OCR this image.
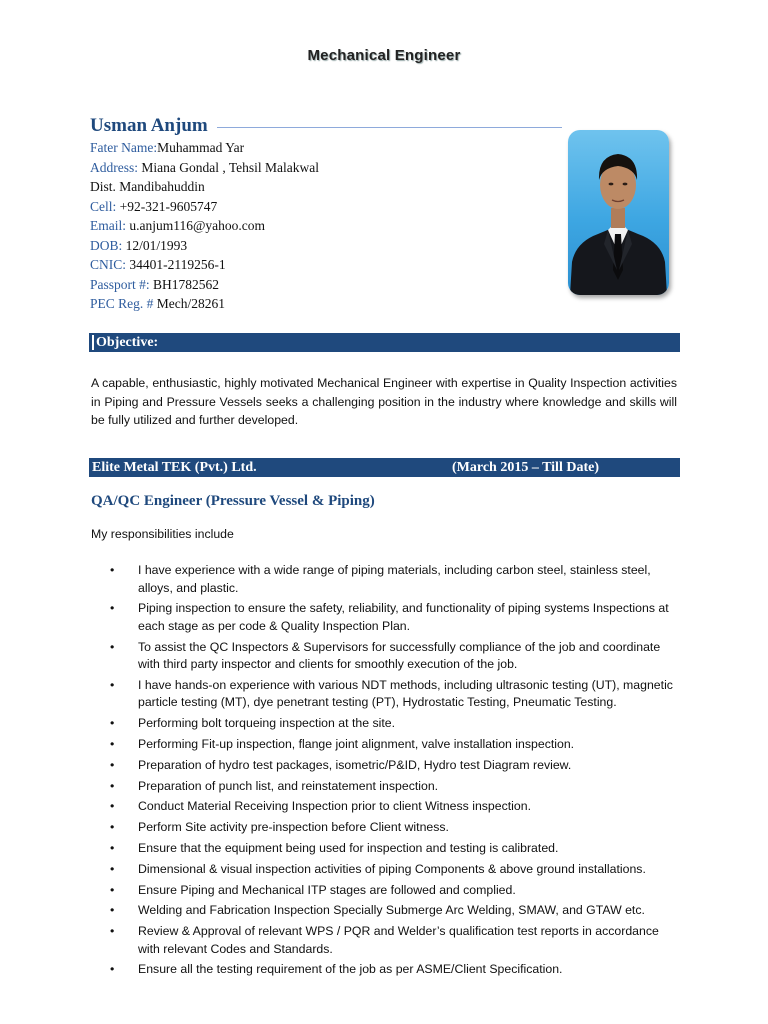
Mechanical Engineer
Usman Anjum
Fater Name:Muhammad Yar
Address: Miana Gondal , Tehsil Malakwal
Dist. Mandibahuddin
Cell: +92-321-9605747
Email: u.anjum116@yahoo.com
DOB: 12/01/1993
CNIC: 34401-2119256-1
Passport #: BH1782562
PEC Reg. # Mech/28261
Objective:
A capable, enthusiastic, highly motivated Mechanical Engineer with expertise in Quality Inspection activities in Piping and Pressure Vessels seeks a challenging position in the industry where knowledge and skills will be fully utilized and further developed.
Elite Metal TEK (Pvt.) Ltd.	(March 2015 – Till Date)
QA/QC Engineer (Pressure Vessel & Piping)
My responsibilities include
• I have experience with a wide range of piping materials, including carbon steel, stainless steel, alloys, and plastic.
• Piping inspection to ensure the safety, reliability, and functionality of piping systems Inspections at each stage as per code & Quality Inspection Plan.
• To assist the QC Inspectors & Supervisors for successfully compliance of the job and coordinate with third party inspector and clients for smoothly execution of the job.
• I have hands-on experience with various NDT methods, including ultrasonic testing (UT), magnetic particle testing (MT), dye penetrant testing (PT), Hydrostatic Testing, Pneumatic Testing.
• Performing bolt torqueing inspection at the site.
• Performing Fit-up inspection, flange joint alignment, valve installation inspection.
• Preparation of hydro test packages, isometric/P&ID, Hydro test Diagram review.
• Preparation of punch list, and reinstatement inspection.
• Conduct Material Receiving Inspection prior to client Witness inspection.
• Perform Site activity pre-inspection before Client witness.
• Ensure that the equipment being used for inspection and testing is calibrated.
• Dimensional & visual inspection activities of piping Components & above ground installations.
• Ensure Piping and Mechanical ITP stages are followed and complied.
• Welding and Fabrication Inspection Specially Submerge Arc Welding, SMAW, and GTAW etc.
• Review & Approval of relevant WPS / PQR and Welder’s qualification test reports in accordance with relevant Codes and Standards.
• Ensure all the testing requirement of the job as per ASME/Client Specification.
